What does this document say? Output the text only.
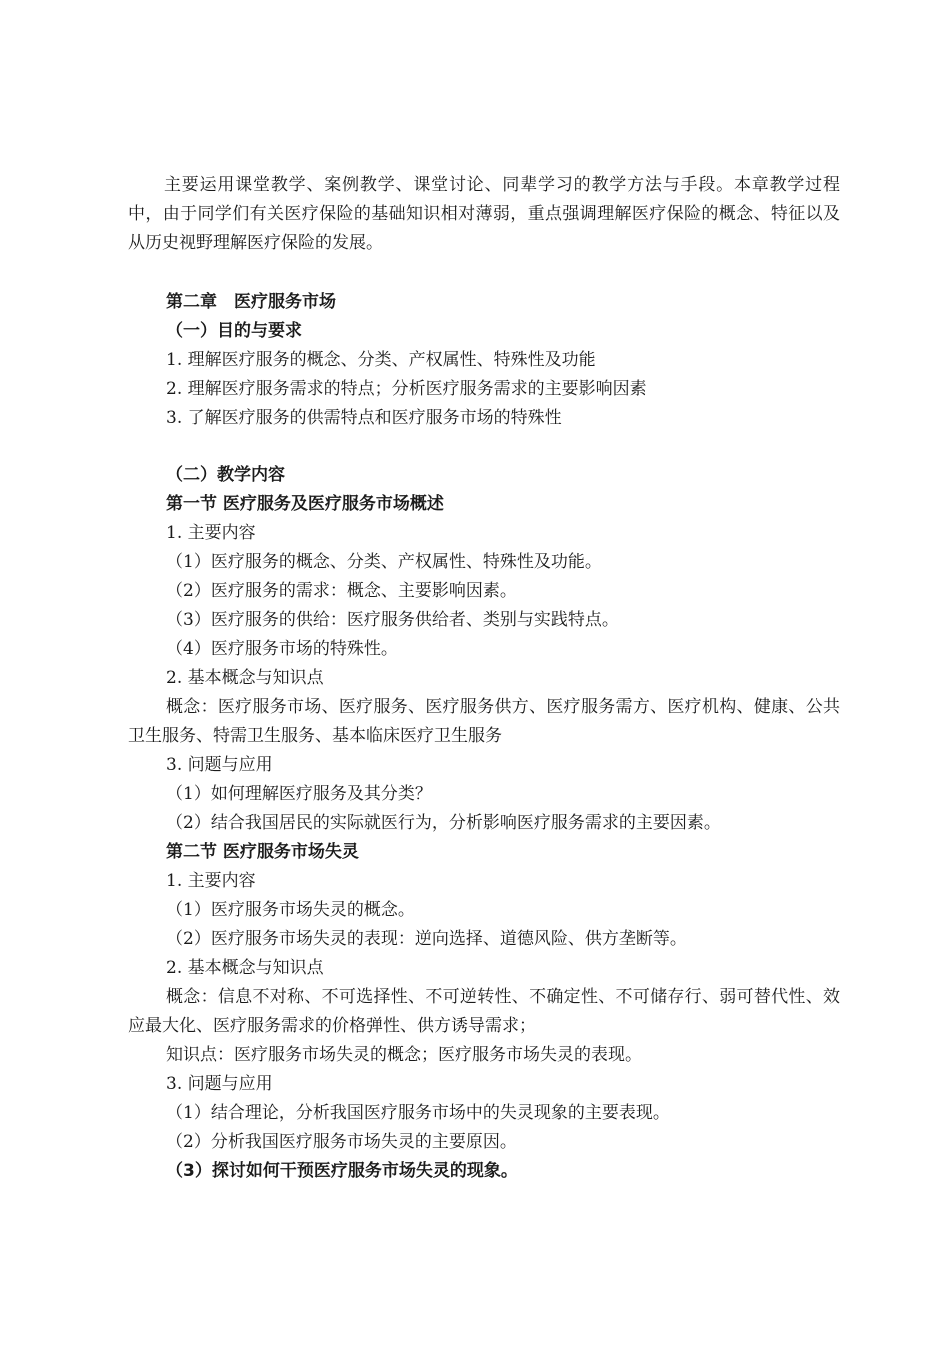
主要运用课堂教学、案例教学、课堂讨论、同辈学习的教学方法与手段。本章教学过程中，由于同学们有关医疗保险的基础知识相对薄弱，重点强调理解医疗保险的概念、特征以及从历史视野理解医疗保险的发展。

第二章　医疗服务市场

（一）目的与要求

1. 理解医疗服务的概念、分类、产权属性、特殊性及功能

2. 理解医疗服务需求的特点；分析医疗服务需求的主要影响因素

3. 了解医疗服务的供需特点和医疗服务市场的特殊性

（二）教学内容

第一节 医疗服务及医疗服务市场概述

1. 主要内容

（1）医疗服务的概念、分类、产权属性、特殊性及功能。

（2）医疗服务的需求：概念、主要影响因素。

（3）医疗服务的供给：医疗服务供给者、类别与实践特点。

（4）医疗服务市场的特殊性。

2. 基本概念与知识点

概念：医疗服务市场、医疗服务、医疗服务供方、医疗服务需方、医疗机构、健康、公共卫生服务、特需卫生服务、基本临床医疗卫生服务

3. 问题与应用

（1）如何理解医疗服务及其分类？

（2）结合我国居民的实际就医行为，分析影响医疗服务需求的主要因素。

第二节 医疗服务市场失灵

1. 主要内容

（1）医疗服务市场失灵的概念。

（2）医疗服务市场失灵的表现：逆向选择、道德风险、供方垄断等。

2. 基本概念与知识点

概念：信息不对称、不可选择性、不可逆转性、不确定性、不可储存行、弱可替代性、效应最大化、医疗服务需求的价格弹性、供方诱导需求；

知识点：医疗服务市场失灵的概念；医疗服务市场失灵的表现。

3. 问题与应用

（1）结合理论，分析我国医疗服务市场中的失灵现象的主要表现。

（2）分析我国医疗服务市场失灵的主要原因。

（3）探讨如何干预医疗服务市场失灵的现象。
